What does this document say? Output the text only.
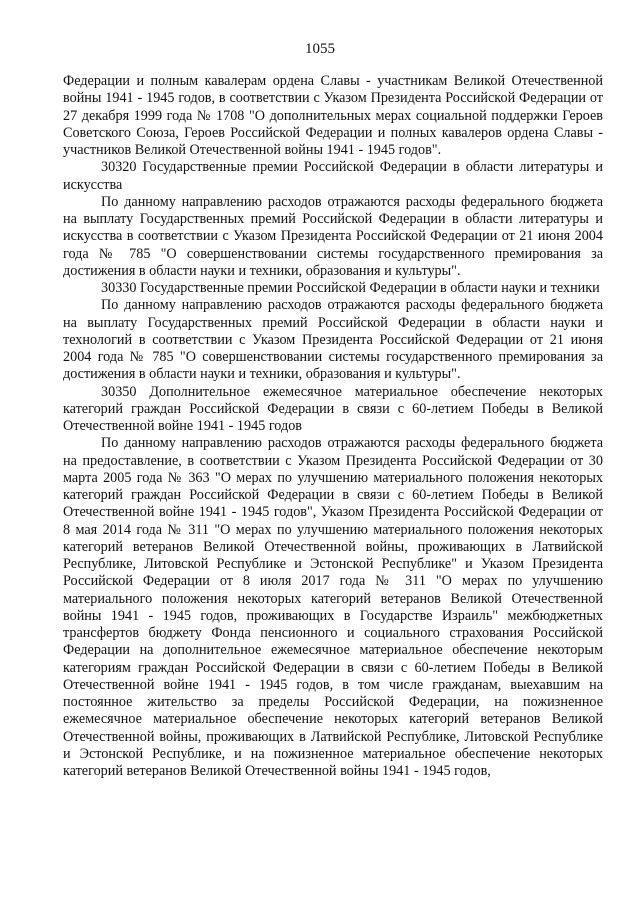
1055

Федерации и полным кавалерам ордена Славы - участникам Великой Отечественной войны 1941 - 1945 годов, в соответствии с Указом Президента Российской Федерации от 27 декабря 1999 года № 1708 "О дополнительных мерах социальной поддержки Героев Советского Союза, Героев Российской Федерации и полных кавалеров ордена Славы - участников Великой Отечественной войны 1941 - 1945 годов".

30320 Государственные премии Российской Федерации в области литературы и искусства

По данному направлению расходов отражаются расходы федерального бюджета на выплату Государственных премий Российской Федерации в области литературы и искусства в соответствии с Указом Президента Российской Федерации от 21 июня 2004 года № 785 "О совершенствовании системы государственного премирования за достижения в области науки и техники, образования и культуры".

30330 Государственные премии Российской Федерации в области науки и техники

По данному направлению расходов отражаются расходы федерального бюджета на выплату Государственных премий Российской Федерации в области науки и технологий в соответствии с Указом Президента Российской Федерации от 21 июня 2004 года № 785 "О совершенствовании системы государственного премирования за достижения в области науки и техники, образования и культуры".

30350 Дополнительное ежемесячное материальное обеспечение некоторых категорий граждан Российской Федерации в связи с 60-летием Победы в Великой Отечественной войне 1941 - 1945 годов

По данному направлению расходов отражаются расходы федерального бюджета на предоставление, в соответствии с Указом Президента Российской Федерации от 30 марта 2005 года № 363 "О мерах по улучшению материального положения некоторых категорий граждан Российской Федерации в связи с 60-летием Победы в Великой Отечественной войне 1941 - 1945 годов", Указом Президента Российской Федерации от 8 мая 2014 года № 311 "О мерах по улучшению материального положения некоторых категорий ветеранов Великой Отечественной войны, проживающих в Латвийской Республике, Литовской Республике и Эстонской Республике" и Указом Президента Российской Федерации от 8 июля 2017 года № 311 "О мерах по улучшению материального положения некоторых категорий ветеранов Великой Отечественной войны 1941 - 1945 годов, проживающих в Государстве Израиль" межбюджетных трансфертов бюджету Фонда пенсионного и социального страхования Российской Федерации на дополнительное ежемесячное материальное обеспечение некоторым категориям граждан Российской Федерации в связи с 60-летием Победы в Великой Отечественной войне 1941 - 1945 годов, в том числе гражданам, выехавшим на постоянное жительство за пределы Российской Федерации, на пожизненное ежемесячное материальное обеспечение некоторых категорий ветеранов Великой Отечественной войны, проживающих в Латвийской Республике, Литовской Республике и Эстонской Республике, и на пожизненное материальное обеспечение некоторых категорий ветеранов Великой Отечественной войны 1941 - 1945 годов,
